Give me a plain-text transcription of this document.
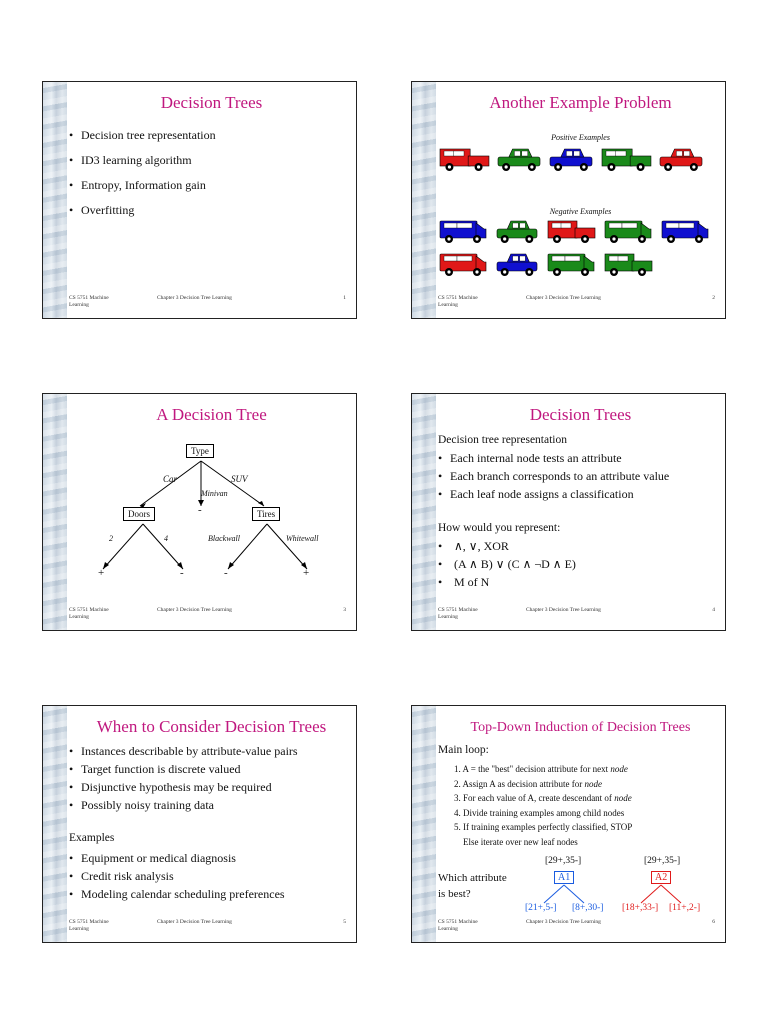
Decision Trees
• Decision tree representation
• ID3 learning algorithm
• Entropy, Information gain
• Overfitting
CS 5751 Machine Learning
Chapter 3 Decision Tree Learning	1
Another Example Problem
Positive Examples
Negative Examples
CS 5751 Machine Learning
Chapter 3 Decision Tree Learning	2
A Decision Tree
Type
Car
Minivan
SUV
-
Doors	Tires
2	4	Blackwall	Whitewall
+	-	-	+
CS 5751 Machine Learning
Chapter 3 Decision Tree Learning	3
Decision Trees
Decision tree representation
• Each internal node tests an attribute
• Each branch corresponds to an attribute value
• Each leaf node assigns a classification
How would you represent:
• ∧, ∨, XOR
• (A ∧ B) ∨ (C ∧ ¬D ∧ E)
• M of N
CS 5751 Machine Learning
Chapter 3 Decision Tree Learning	4
When to Consider Decision Trees
• Instances describable by attribute-value pairs
• Target function is discrete valued
• Disjunctive hypothesis may be required
• Possibly noisy training data
Examples
• Equipment or medical diagnosis
• Credit risk analysis
• Modeling calendar scheduling preferences
CS 5751 Machine Learning
Chapter 3 Decision Tree Learning	5
Top-Down Induction of Decision Trees
Main loop:
1. A = the "best" decision attribute for next node
2. Assign A as decision attribute for node
3. For each value of A, create descendant of node
4. Divide training examples among child nodes
5. If training examples perfectly classified, STOP
Else iterate over new leaf nodes
Which attribute
is best?
[29+,35-]
A1
[21+,5-] [8+,30-]
[29+,35-]
A2
[18+,33-] [11+,2-]
CS 5751 Machine Learning
Chapter 3 Decision Tree Learning	6
